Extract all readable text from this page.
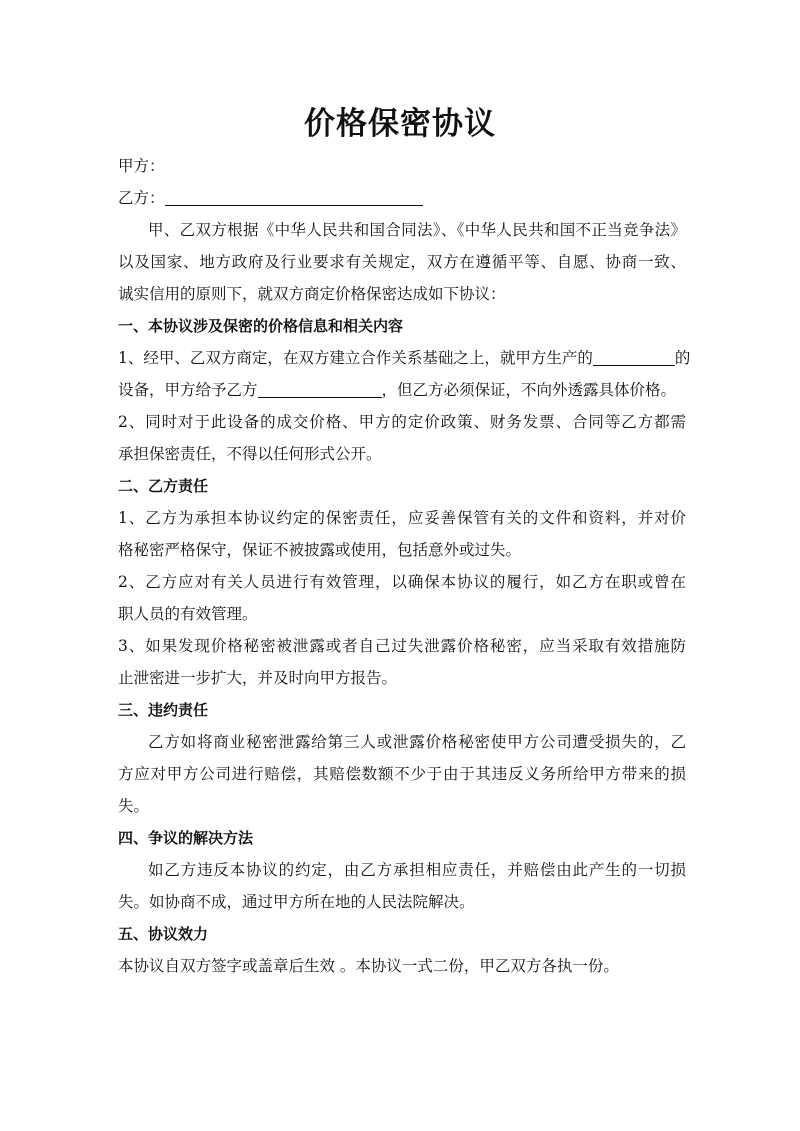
价格保密协议
甲方：
乙方：
甲、乙双方根据《中华人民共和国合同法》、《中华人民共和国不正当竞争法》
以及国家、地方政府及行业要求有关规定，双方在遵循平等、自愿、协商一致、
诚实信用的原则下，就双方商定价格保密达成如下协议：
一、本协议涉及保密的价格信息和相关内容
1、经甲、乙双方商定，在双方建立合作关系基础之上，就甲方生产的	的
设备，甲方给予乙方	，但乙方必须保证，不向外透露具体价格。
2、同时对于此设备的成交价格、甲方的定价政策、财务发票、合同等乙方都需
承担保密责任，不得以任何形式公开。
二、乙方责任
1、乙方为承担本协议约定的保密责任，应妥善保管有关的文件和资料，并对价
格秘密严格保守，保证不被披露或使用，包括意外或过失。
2、乙方应对有关人员进行有效管理，以确保本协议的履行，如乙方在职或曾在
职人员的有效管理。
3、如果发现价格秘密被泄露或者自己过失泄露价格秘密，应当采取有效措施防
止泄密进一步扩大，并及时向甲方报告。
三、违约责任
乙方如将商业秘密泄露给第三人或泄露价格秘密使甲方公司遭受损失的，乙
方应对甲方公司进行赔偿，其赔偿数额不少于由于其违反义务所给甲方带来的损
失。
四、争议的解决方法
如乙方违反本协议的约定，由乙方承担相应责任，并赔偿由此产生的一切损
失。如协商不成，通过甲方所在地的人民法院解决。
五、协议效力
本协议自双方签字或盖章后生效 。本协议一式二份，甲乙双方各执一份。
